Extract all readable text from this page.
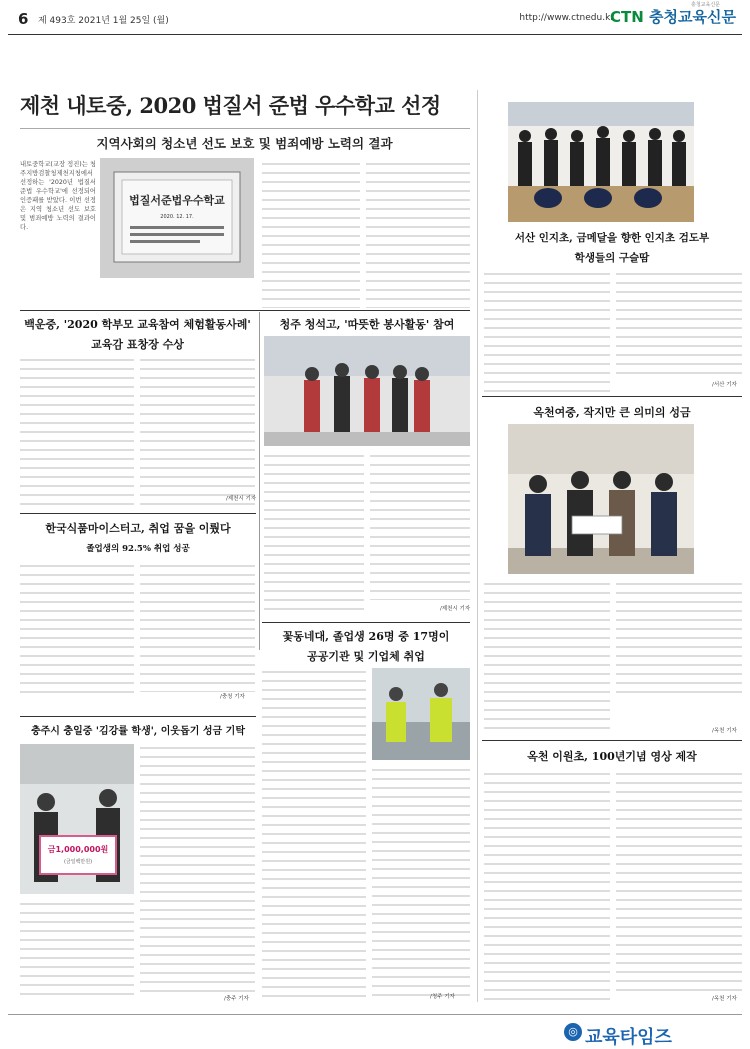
6 제 493호 2021년 1월 25일 (월)	http://www.ctnedu.kr
충청교육신문
CTN 충청교육신문
제천 내토중, 2020 법질서 준법 우수학교 선정
지역사회의 청소년 선도 보호 및 범죄예방 노력의 결과
내토중학교(교장 정진)는 청주지방검찰청제천지청에서 선정하는 '2020년 법질서 준법 우수학교'에 선정되어 인증패를 받았다. 이번 선정은 지역 청소년 선도 보호 및 범죄예방 노력의 결과이다.
법질서준법우수학교
2020. 12. 17.
백운중, '2020 학부모 교육참여 체험활동사례'
교육감 표창장 수상
/제천시 기자
청주 청석고, '따뜻한 봉사활동' 참여
/제천시 기자
한국식품마이스터고, 취업 꿈을 이뤘다
졸업생의 92.5% 취업 성공
/충청 기자
꽃동네대, 졸업생 26명 중 17명이
공공기관 및 기업체 취업
/청주 기자
충주시 충일중 '김강률 학생', 이웃돕기 성금 기탁
금1,000,000원
(금일백만원)
/충주 기자
서산 인지초, 금메달을 향한 인지초 검도부
학생들의 구슬땀
/서산 기자
옥천여중, 작지만 큰 의미의 성금
/옥천 기자
옥천 이원초, 100년기념 영상 제작
/옥천 기자
◎ 교육타임즈
